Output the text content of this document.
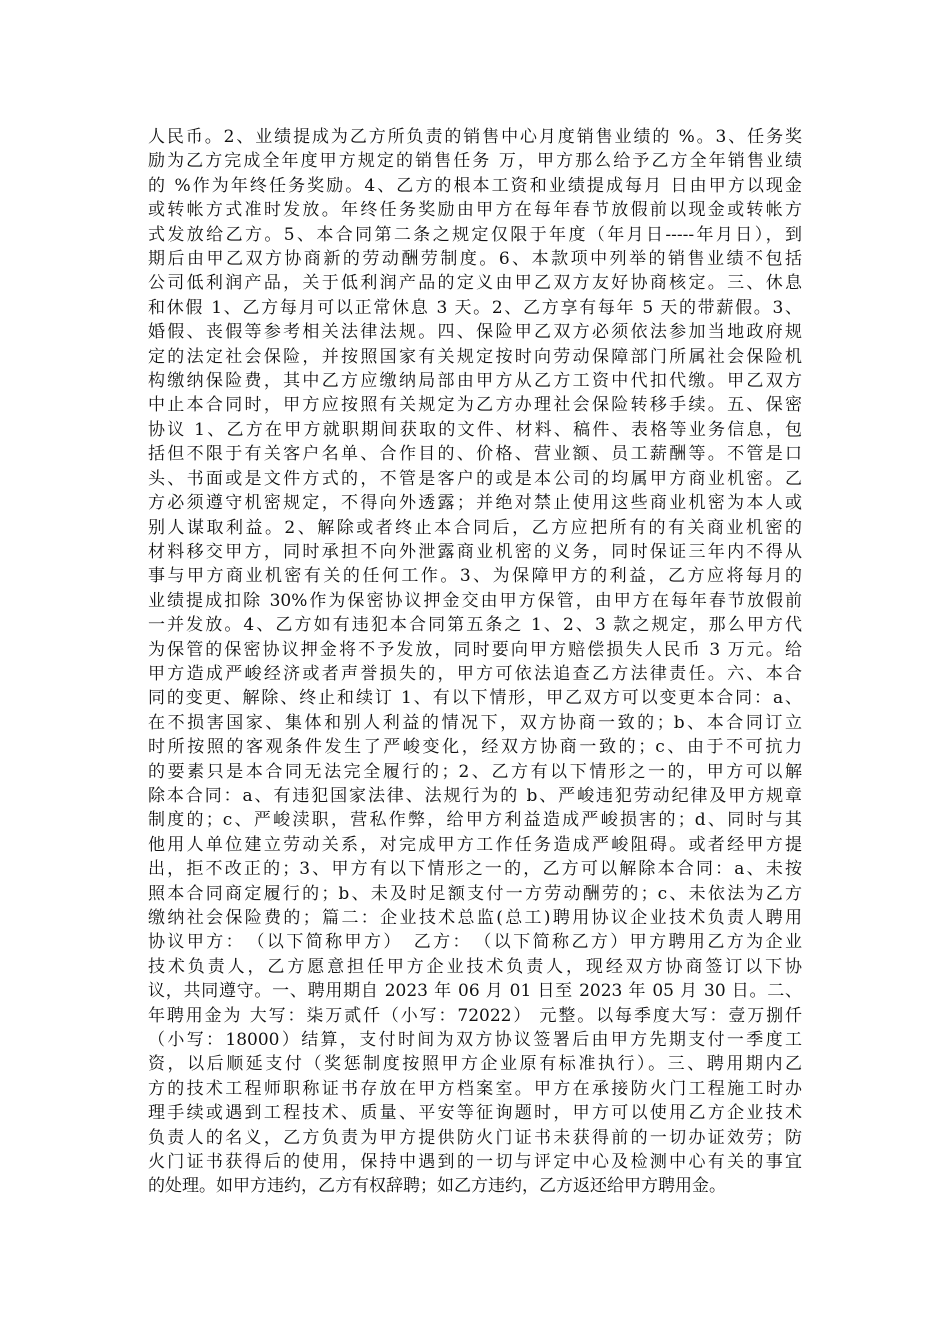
人民币。2、业绩提成为乙方所负责的销售中心月度销售业绩的 %。3、任务奖
励为乙方完成全年度甲方规定的销售任务 万，甲方那么给予乙方全年销售业绩
的 %作为年终任务奖励。4、乙方的根本工资和业绩提成每月 日由甲方以现金
或转帐方式准时发放。年终任务奖励由甲方在每年春节放假前以现金或转帐方
式发放给乙方。5、本合同第二条之规定仅限于年度（年月日-----年月日），到
期后由甲乙双方协商新的劳动酬劳制度。6、本款项中列举的销售业绩不包括
公司低利润产品，关于低利润产品的定义由甲乙双方友好协商核定。三、休息
和休假 1、乙方每月可以正常休息 3 天。2、乙方享有每年 5 天的带薪假。3、
婚假、丧假等参考相关法律法规。四、保险甲乙双方必须依法参加当地政府规
定的法定社会保险，并按照国家有关规定按时向劳动保障部门所属社会保险机
构缴纳保险费，其中乙方应缴纳局部由甲方从乙方工资中代扣代缴。甲乙双方
中止本合同时，甲方应按照有关规定为乙方办理社会保险转移手续。五、保密
协议 1、乙方在甲方就职期间获取的文件、材料、稿件、表格等业务信息，包
括但不限于有关客户名单、合作目的、价格、营业额、员工薪酬等。不管是口
头、书面或是文件方式的，不管是客户的或是本公司的均属甲方商业机密。乙
方必须遵守机密规定，不得向外透露；并绝对禁止使用这些商业机密为本人或
别人谋取利益。2、解除或者终止本合同后，乙方应把所有的有关商业机密的
材料移交甲方，同时承担不向外泄露商业机密的义务，同时保证三年内不得从
事与甲方商业机密有关的任何工作。3、为保障甲方的利益，乙方应将每月的
业绩提成扣除 30%作为保密协议押金交由甲方保管，由甲方在每年春节放假前
一并发放。4、乙方如有违犯本合同第五条之 1、2、3 款之规定，那么甲方代
为保管的保密协议押金将不予发放，同时要向甲方赔偿损失人民币 3 万元。给
甲方造成严峻经济或者声誉损失的，甲方可依法追查乙方法律责任。六、本合
同的变更、解除、终止和续订 1、有以下情形，甲乙双方可以变更本合同：a、
在不损害国家、集体和别人利益的情况下，双方协商一致的；b、本合同订立
时所按照的客观条件发生了严峻变化，经双方协商一致的；c、由于不可抗力
的要素只是本合同无法完全履行的；2、乙方有以下情形之一的，甲方可以解
除本合同：a、有违犯国家法律、法规行为的 b、严峻违犯劳动纪律及甲方规章
制度的；c、严峻渎职，营私作弊，给甲方利益造成严峻损害的；d、同时与其
他用人单位建立劳动关系，对完成甲方工作任务造成严峻阻碍。或者经甲方提
出，拒不改正的；3、甲方有以下情形之一的，乙方可以解除本合同：a、未按
照本合同商定履行的；b、未及时足额支付一方劳动酬劳的；c、未依法为乙方
缴纳社会保险费的；篇二：企业技术总监(总工)聘用协议企业技术负责人聘用
协议甲方：　（以下简称甲方）　乙方：　（以下简称乙方）甲方聘用乙方为企业
技术负责人，乙方愿意担任甲方企业技术负责人，现经双方协商签订以下协
议，共同遵守。一、聘用期自 2023 年 06 月 01 日至 2023 年 05 月 30 日。二、
年聘用金为 大写：柒万贰仟（小写：72022） 元整。以每季度大写：壹万捌仟
（小写：18000）结算，支付时间为双方协议签署后由甲方先期支付一季度工
资，以后顺延支付（奖惩制度按照甲方企业原有标准执行）。三、聘用期内乙
方的技术工程师职称证书存放在甲方档案室。甲方在承接防火门工程施工时办
理手续或遇到工程技术、质量、平安等征询题时，甲方可以使用乙方企业技术
负责人的名义，乙方负责为甲方提供防火门证书未获得前的一切办证效劳；防
火门证书获得后的使用，保持中遇到的一切与评定中心及检测中心有关的事宜
的处理。如甲方违约，乙方有权辞聘；如乙方违约，乙方返还给甲方聘用金。
